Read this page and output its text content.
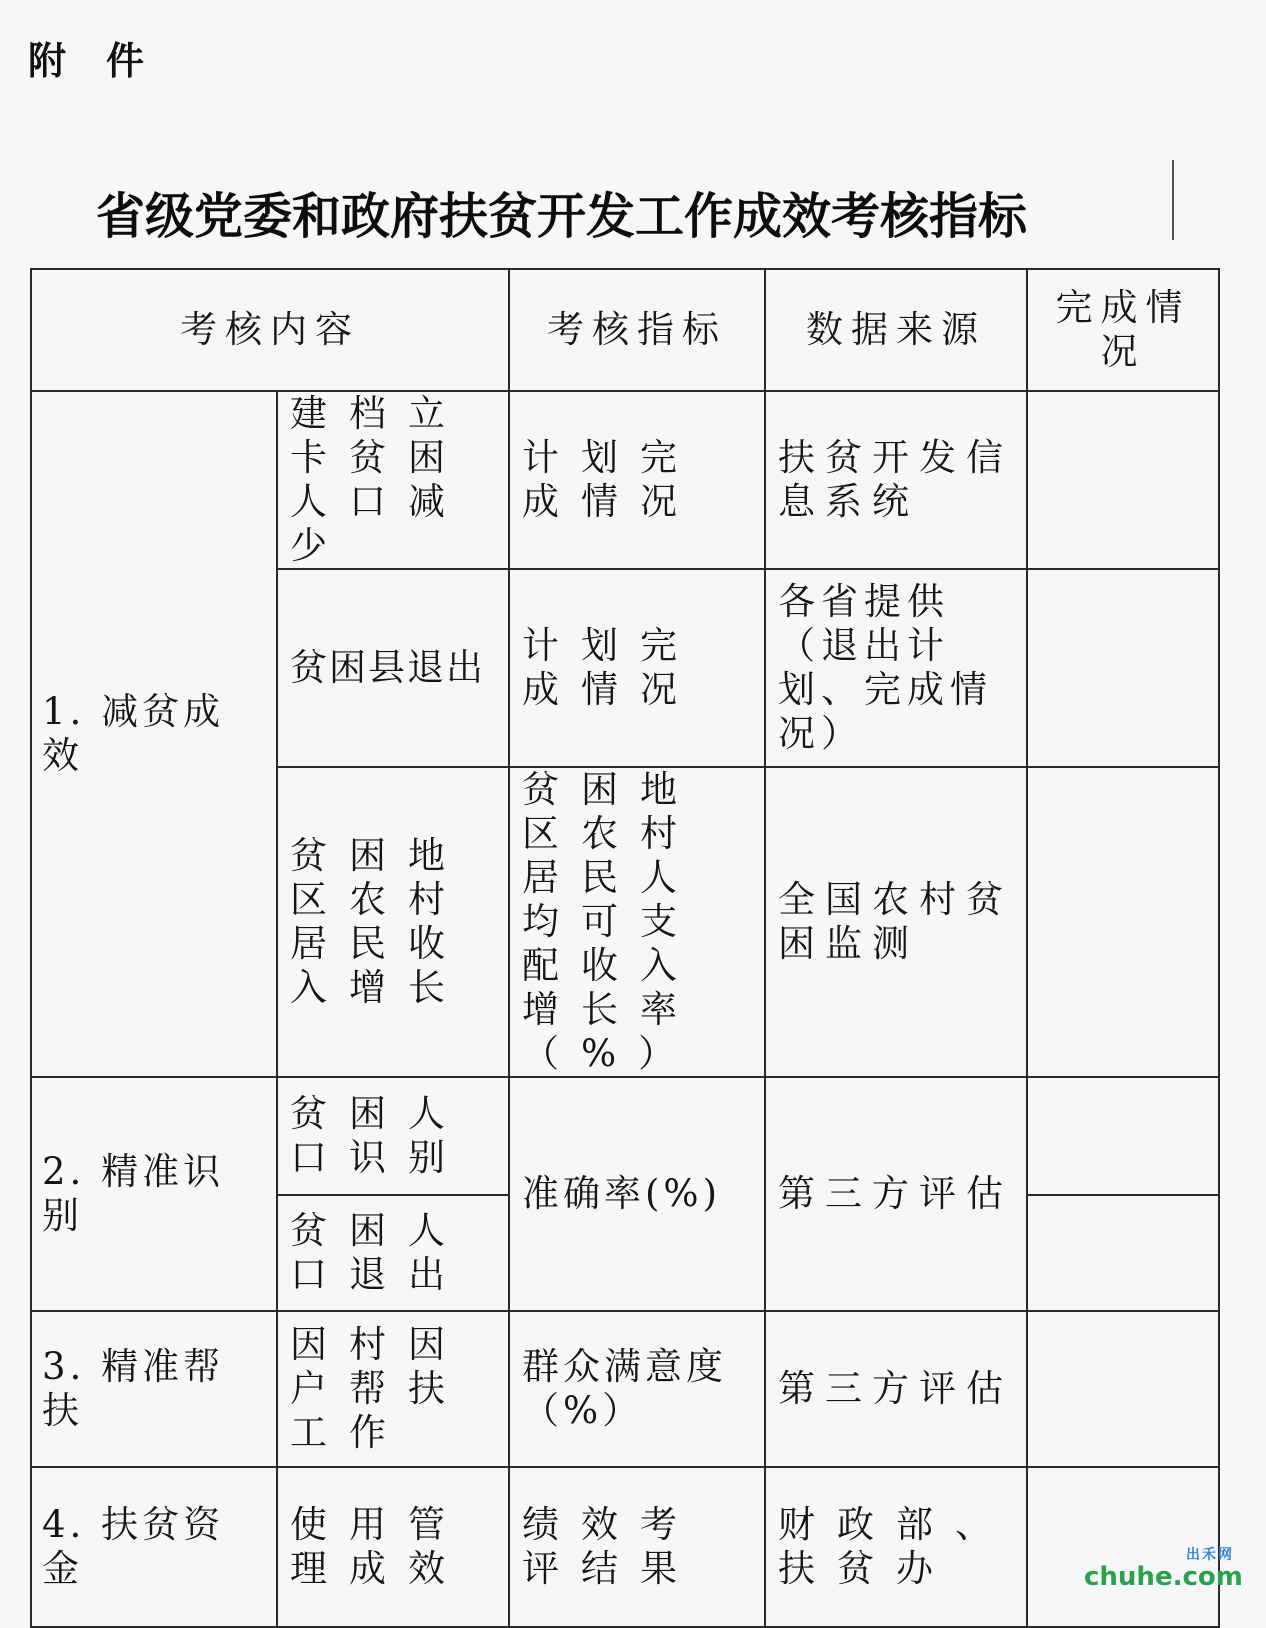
附件
省级党委和政府扶贫开发工作成效考核指标
考核内容		考核指标	数据来源	完成情况
1. 减贫成效	建档立卡贫困人口减少	计划完成情况	扶贫开发信息系统	
	贫困县退出	计划完成情况	各省提供（退出计划、完成情况）	
	贫困地区农村居民收入增长	贫困地区农村居民人均可支配收入增长率（%）	全国农村贫困监测	
2. 精准识别	贫困人口识别	准确率(%)	第三方评估	
	贫困人口退出			
3. 精准帮扶	因村因户帮扶工作	群众满意度（%）	第三方评估	
4. 扶贫资金	使用管理成效	绩效考评结果	财政部、扶贫办		出禾网
chuhe.com
